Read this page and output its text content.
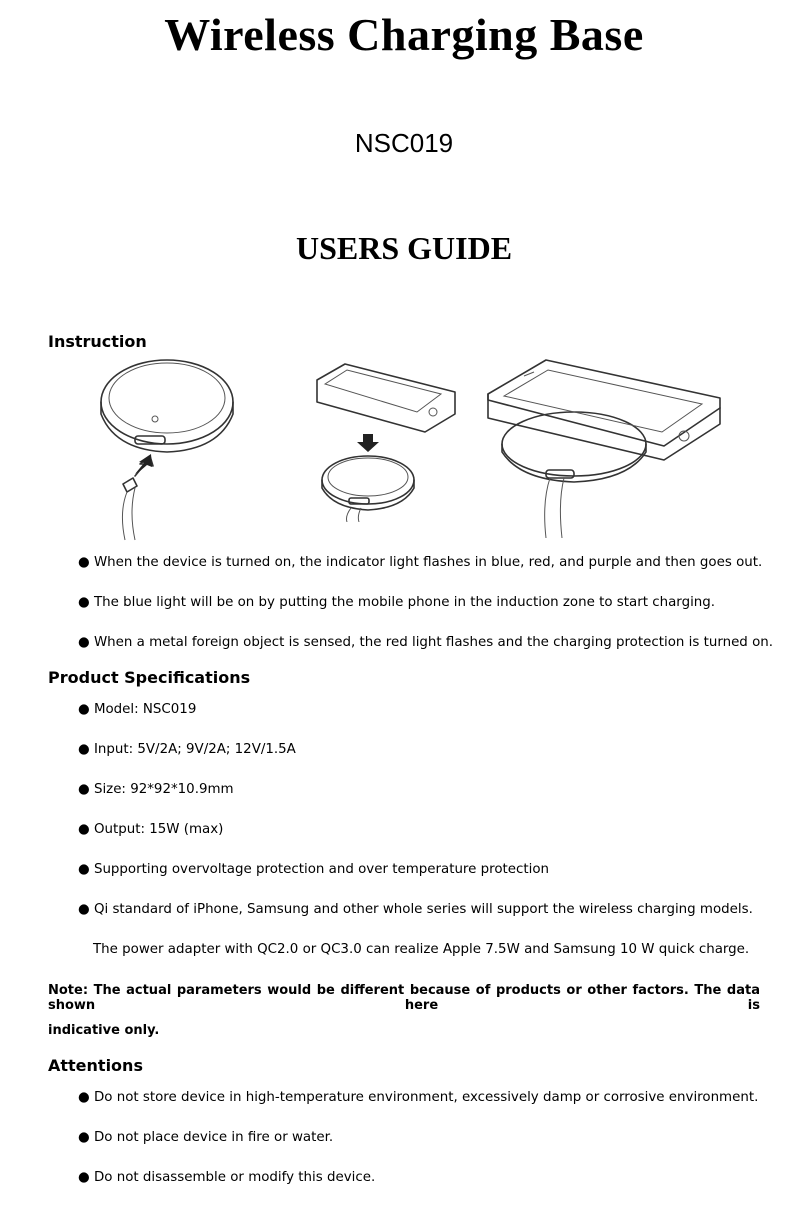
Wireless Charging Base
NSC019
USERS GUIDE
Instruction

● When the device is turned on, the indicator light flashes in blue, red, and purple and then goes out.

● The blue light will be on by putting the mobile phone in the induction zone to start charging.

● When a metal foreign object is sensed, the red light flashes and the charging protection is turned on.

Product Specifications

● Model: NSC019

● Input: 5V/2A; 9V/2A; 12V/1.5A

● Size: 92*92*10.9mm

● Output: 15W (max)

● Supporting overvoltage protection and over temperature protection

● Qi standard of iPhone, Samsung and other whole series will support the wireless charging models.

The power adapter with QC2.0 or QC3.0 can realize Apple 7.5W and Samsung 10 W quick charge.

Note: The actual parameters would be different because of products or other factors. The data shown here is

indicative only.

Attentions

● Do not store device in high-temperature environment, excessively damp or corrosive environment.

● Do not place device in fire or water.

● Do not disassemble or modify this device.
